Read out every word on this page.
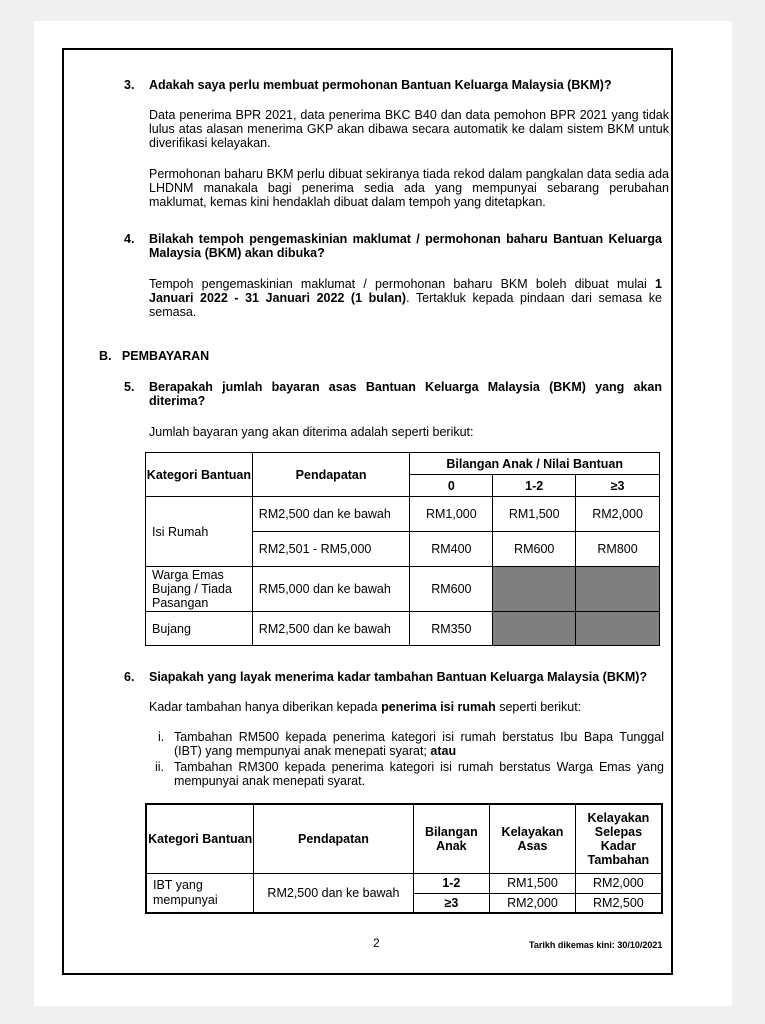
3. Adakah saya perlu membuat permohonan Bantuan Keluarga Malaysia (BKM)?
Data penerima BPR 2021, data penerima BKC B40 dan data pemohon BPR 2021 yang tidak lulus atas alasan menerima GKP akan dibawa secara automatik ke dalam sistem BKM untuk diverifikasi kelayakan.
Permohonan baharu BKM perlu dibuat sekiranya tiada rekod dalam pangkalan data sedia ada LHDNM manakala bagi penerima sedia ada yang mempunyai sebarang perubahan maklumat, kemas kini hendaklah dibuat dalam tempoh yang ditetapkan.
4. Bilakah tempoh pengemaskinian maklumat / permohonan baharu Bantuan Keluarga Malaysia (BKM) akan dibuka?
Tempoh pengemaskinian maklumat / permohonan baharu BKM boleh dibuat mulai 1 Januari 2022 - 31 Januari 2022 (1 bulan). Tertakluk kepada pindaan dari semasa ke semasa.
B.   PEMBAYARAN
5. Berapakah jumlah bayaran asas Bantuan Keluarga Malaysia (BKM) yang akan diterima?
Jumlah bayaran yang akan diterima adalah seperti berikut:
Kategori Bantuan	Pendapatan	Bilangan Anak / Nilai Bantuan		
		0	1-2	≥3
Isi Rumah	RM2,500 dan ke bawah	RM1,000	RM1,500	RM2,000
	RM2,501 - RM5,000	RM400	RM600	RM800
Warga Emas Bujang / Tiada Pasangan	RM5,000 dan ke bawah	RM600		
Bujang	RM2,500 dan ke bawah	RM350		
6. Siapakah yang layak menerima kadar tambahan Bantuan Keluarga Malaysia (BKM)?
Kadar tambahan hanya diberikan kepada penerima isi rumah seperti berikut:
i. Tambahan RM500 kepada penerima kategori isi rumah berstatus Ibu Bapa Tunggal (IBT) yang mempunyai anak menepati syarat; atau
ii. Tambahan RM300 kepada penerima kategori isi rumah berstatus Warga Emas yang mempunyai anak menepati syarat.
Kategori Bantuan	Pendapatan	Bilangan Anak	Kelayakan Asas	Kelayakan Selepas Kadar Tambahan
IBT yang mempunyai	RM2,500 dan ke bawah	1-2	RM1,500	RM2,000
		≥3	RM2,000	RM2,500
2	Tarikh dikemas kini: 30/10/2021
